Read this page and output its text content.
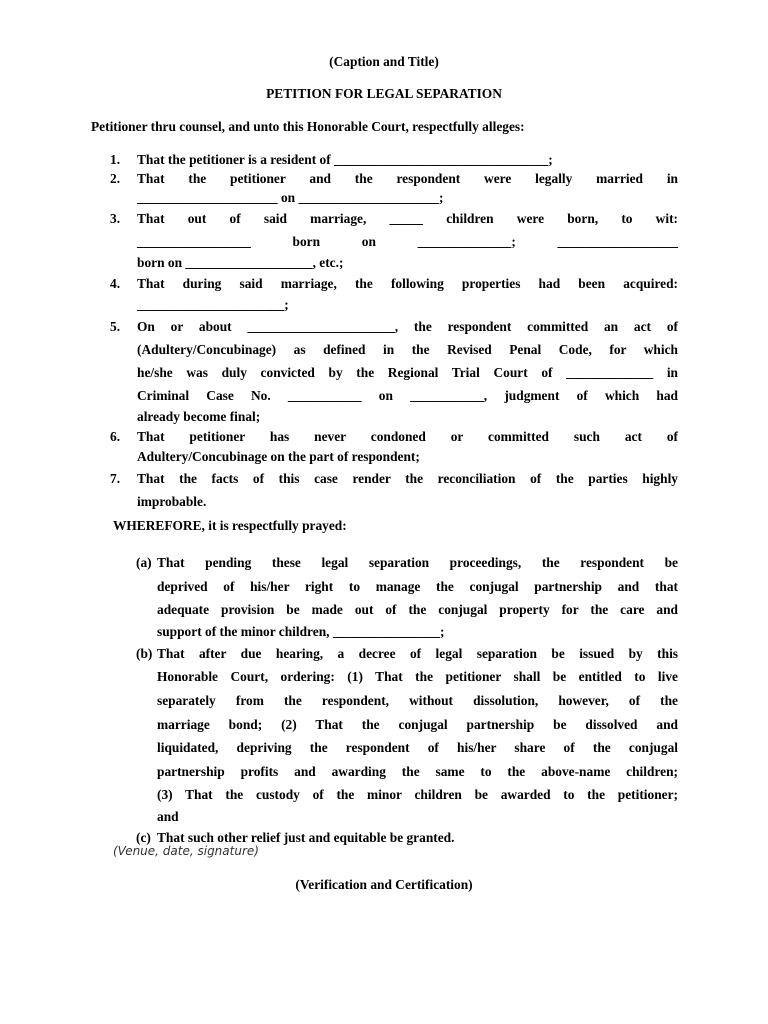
(Caption and Title)
PETITION FOR LEGAL SEPARATION
Petitioner thru counsel, and unto this Honorable Court, respectfully alleges:
1. That the petitioner is a resident of ________________________________;
2. That the petitioner and the respondent were legally married in
_____________________ on _____________________;
3. That out of said marriage, _____ children were born, to wit:
_________________ born on ______________; __________________
born on ___________________, etc.;
4. That during said marriage, the following properties had been acquired:
______________________;
5. On or about ______________________, the respondent committed an act of
(Adultery/Concubinage) as defined in the Revised Penal Code, for which
he/she was duly convicted by the Regional Trial Court of _____________ in
Criminal Case No. ___________ on ___________, judgment of which had
already become final;
6. That petitioner has never condoned or committed such act of
Adultery/Concubinage on the part of respondent;
7. That the facts of this case render the reconciliation of the parties highly
improbable.
WHEREFORE, it is respectfully prayed:
(a) That pending these legal separation proceedings, the respondent be
deprived of his/her right to manage the conjugal partnership and that
adequate provision be made out of the conjugal property for the care and
support of the minor children, ________________;
(b) That after due hearing, a decree of legal separation be issued by this
Honorable Court, ordering: (1) That the petitioner shall be entitled to live
separately from the respondent, without dissolution, however, of the
marriage bond; (2) That the conjugal partnership be dissolved and
liquidated, depriving the respondent of his/her share of the conjugal
partnership profits and awarding the same to the above-name children;
(3) That the custody of the minor children be awarded to the petitioner;
and
(c) That such other relief just and equitable be granted.
(Venue, date, signature)
(Verification and Certification)
